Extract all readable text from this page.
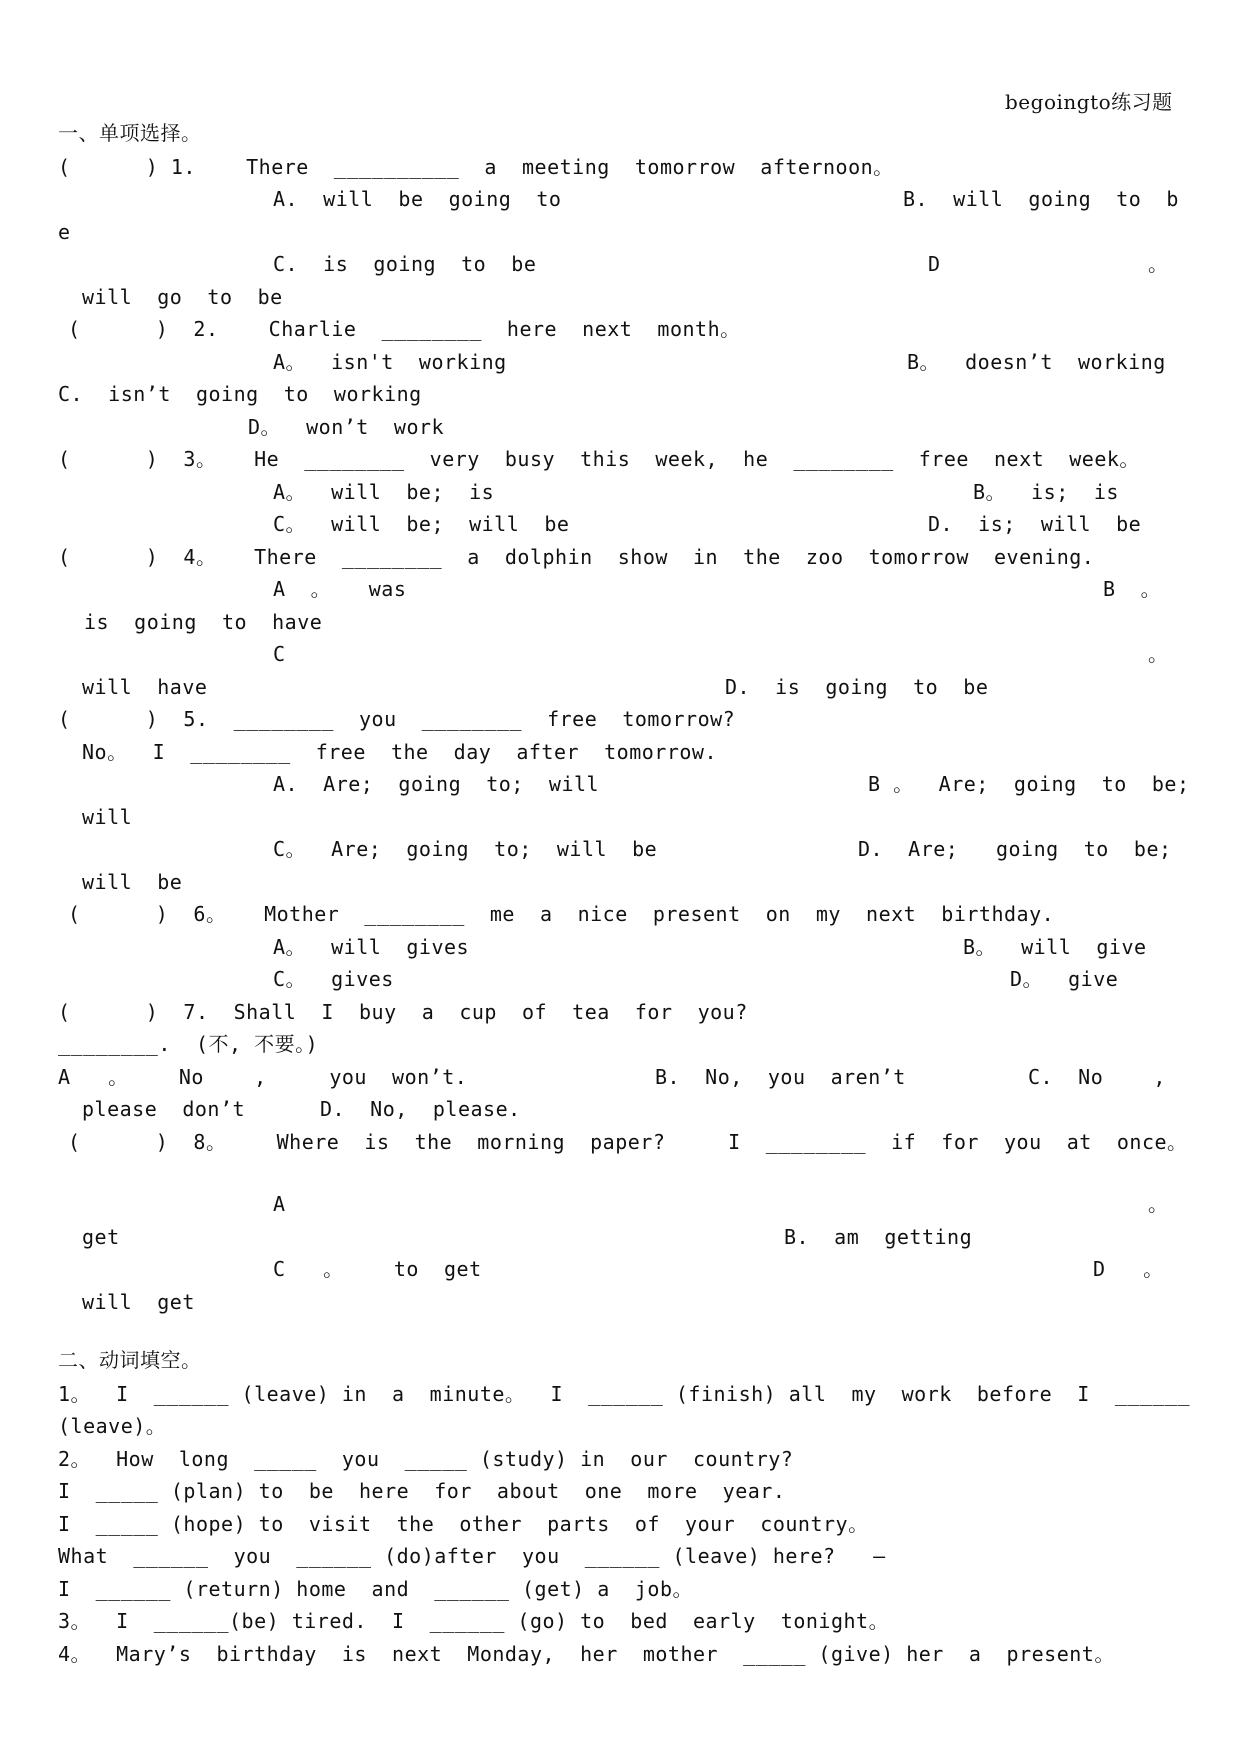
begoingto练习题
一、单项选择。
(      ) 1.    There  __________  a  meeting  tomorrow  afternoon。
A.  will  be  going  to	B.  will  going  to  b
e
C.  is  going  to  be	D	。
will  go  to  be
(      )  2.    Charlie  ________  here  next  month。
A。  isn't  working	B。  doesn’t  working
C.  isn’t  going  to  working
D。  won’t  work
(      )  3。   He  ________  very  busy  this  week,  he  ________  free  next  week。
A。  will  be;  is	B。  is;  is
C。  will  be;  will  be	D.  is;  will  be
(      )  4。   There  ________  a  dolphin  show  in  the  zoo  tomorrow  evening.
A  。   was	B  。
is  going  to  have
C	。
will  have	D.  is  going  to  be
(      )  5.  ________  you  ________  free  tomorrow?
No。  I  ________  free  the  day  after  tomorrow.
A.  Are;  going  to;  will	B 。  Are;  going  to  be;
will
C。  Are;  going  to;  will  be	D.  Are;   going  to  be;
will  be
(      )  6。   Mother  ________  me  a  nice  present  on  my  next  birthday.
A。  will  gives	B。  will  give
C。  gives	D。  give
(      )  7.  Shall  I  buy  a  cup  of  tea  for  you?
________.  (不, 不要。)
A   。    No    ,     you  won’t.	B.  No,  you  aren’t	C.  No    ,
please  don’t	D.  No,  please.
(      )  8。    Where  is  the  morning  paper?     I  ________  if  for  you  at  once。
A	。
get	B.  am  getting
C   。    to  get	D   。
will  get
二、动词填空。
1。  I  ______ (leave) in  a  minute。  I  ______ (finish) all  my  work  before  I  ______
(leave)。
2。  How  long  _____  you  _____ (study) in  our  country?
I  _____ (plan) to  be  here  for  about  one  more  year.
I  _____ (hope) to  visit  the  other  parts  of  your  country。
What  ______  you  ______ (do)after  you  ______ (leave) here?   —
I  ______ (return) home  and  ______ (get) a  job。
3。  I  ______(be) tired.  I  ______ (go) to  bed  early  tonight。
4。  Mary’s  birthday  is  next  Monday,  her  mother  _____ (give) her  a  present。
